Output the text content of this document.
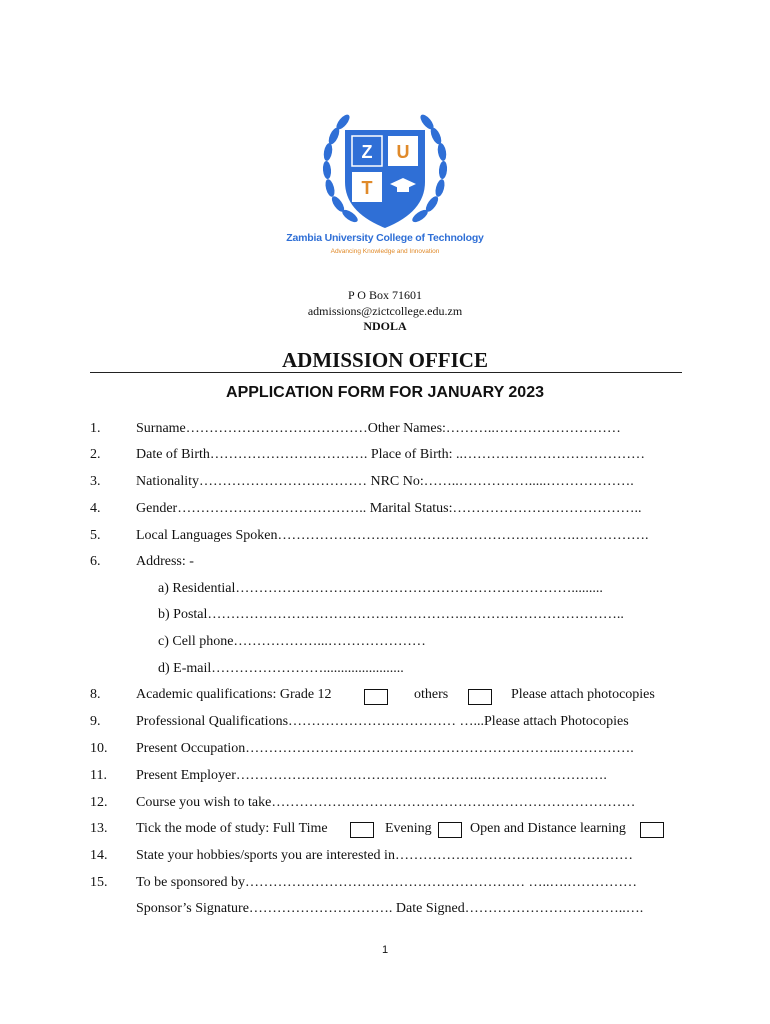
Z U
T
Zambia University College of Technology
Advancing Knowledge and Innovation
P O Box 71601
admissions@zictcollege.edu.zm
NDOLA
ADMISSION OFFICE
APPLICATION FORM FOR JANUARY 2023
1.	Surname…………………………………Other Names:………..………………………
2.	Date of Birth……………………………. Place of Birth: ..…………………………………
3.	Nationality……………………………… NRC No:……..…………….....……………….
4.	Gender………………………………….. Marital Status:…………………………………..
5.	Local Languages Spoken……………………………………………………….…………….
6.	Address: -
a) Residential……………………………………………………………….........
b) Postal……………………………………………….……………………………..
c) Cell phone………………...…………………
d) E-mail…………………….......................
8.	Academic qualifications: Grade 12	others	Please attach photocopies
9.	Professional Qualifications……………………………… …...Please attach Photocopies
10. Present Occupation…………………………………………………………..…………….
11. Present Employer…………………………………………….……………………….
12. Course you wish to take……………………………………………………………………
13. Tick the mode of study: Full Time	Evening	Open and Distance learning
14. State your hobbies/sports you are interested in……………………………………………
15. To be sponsored by…………………………………………………… …..….……………
Sponsor’s Signature…………………………. Date Signed……………………………..….
1
